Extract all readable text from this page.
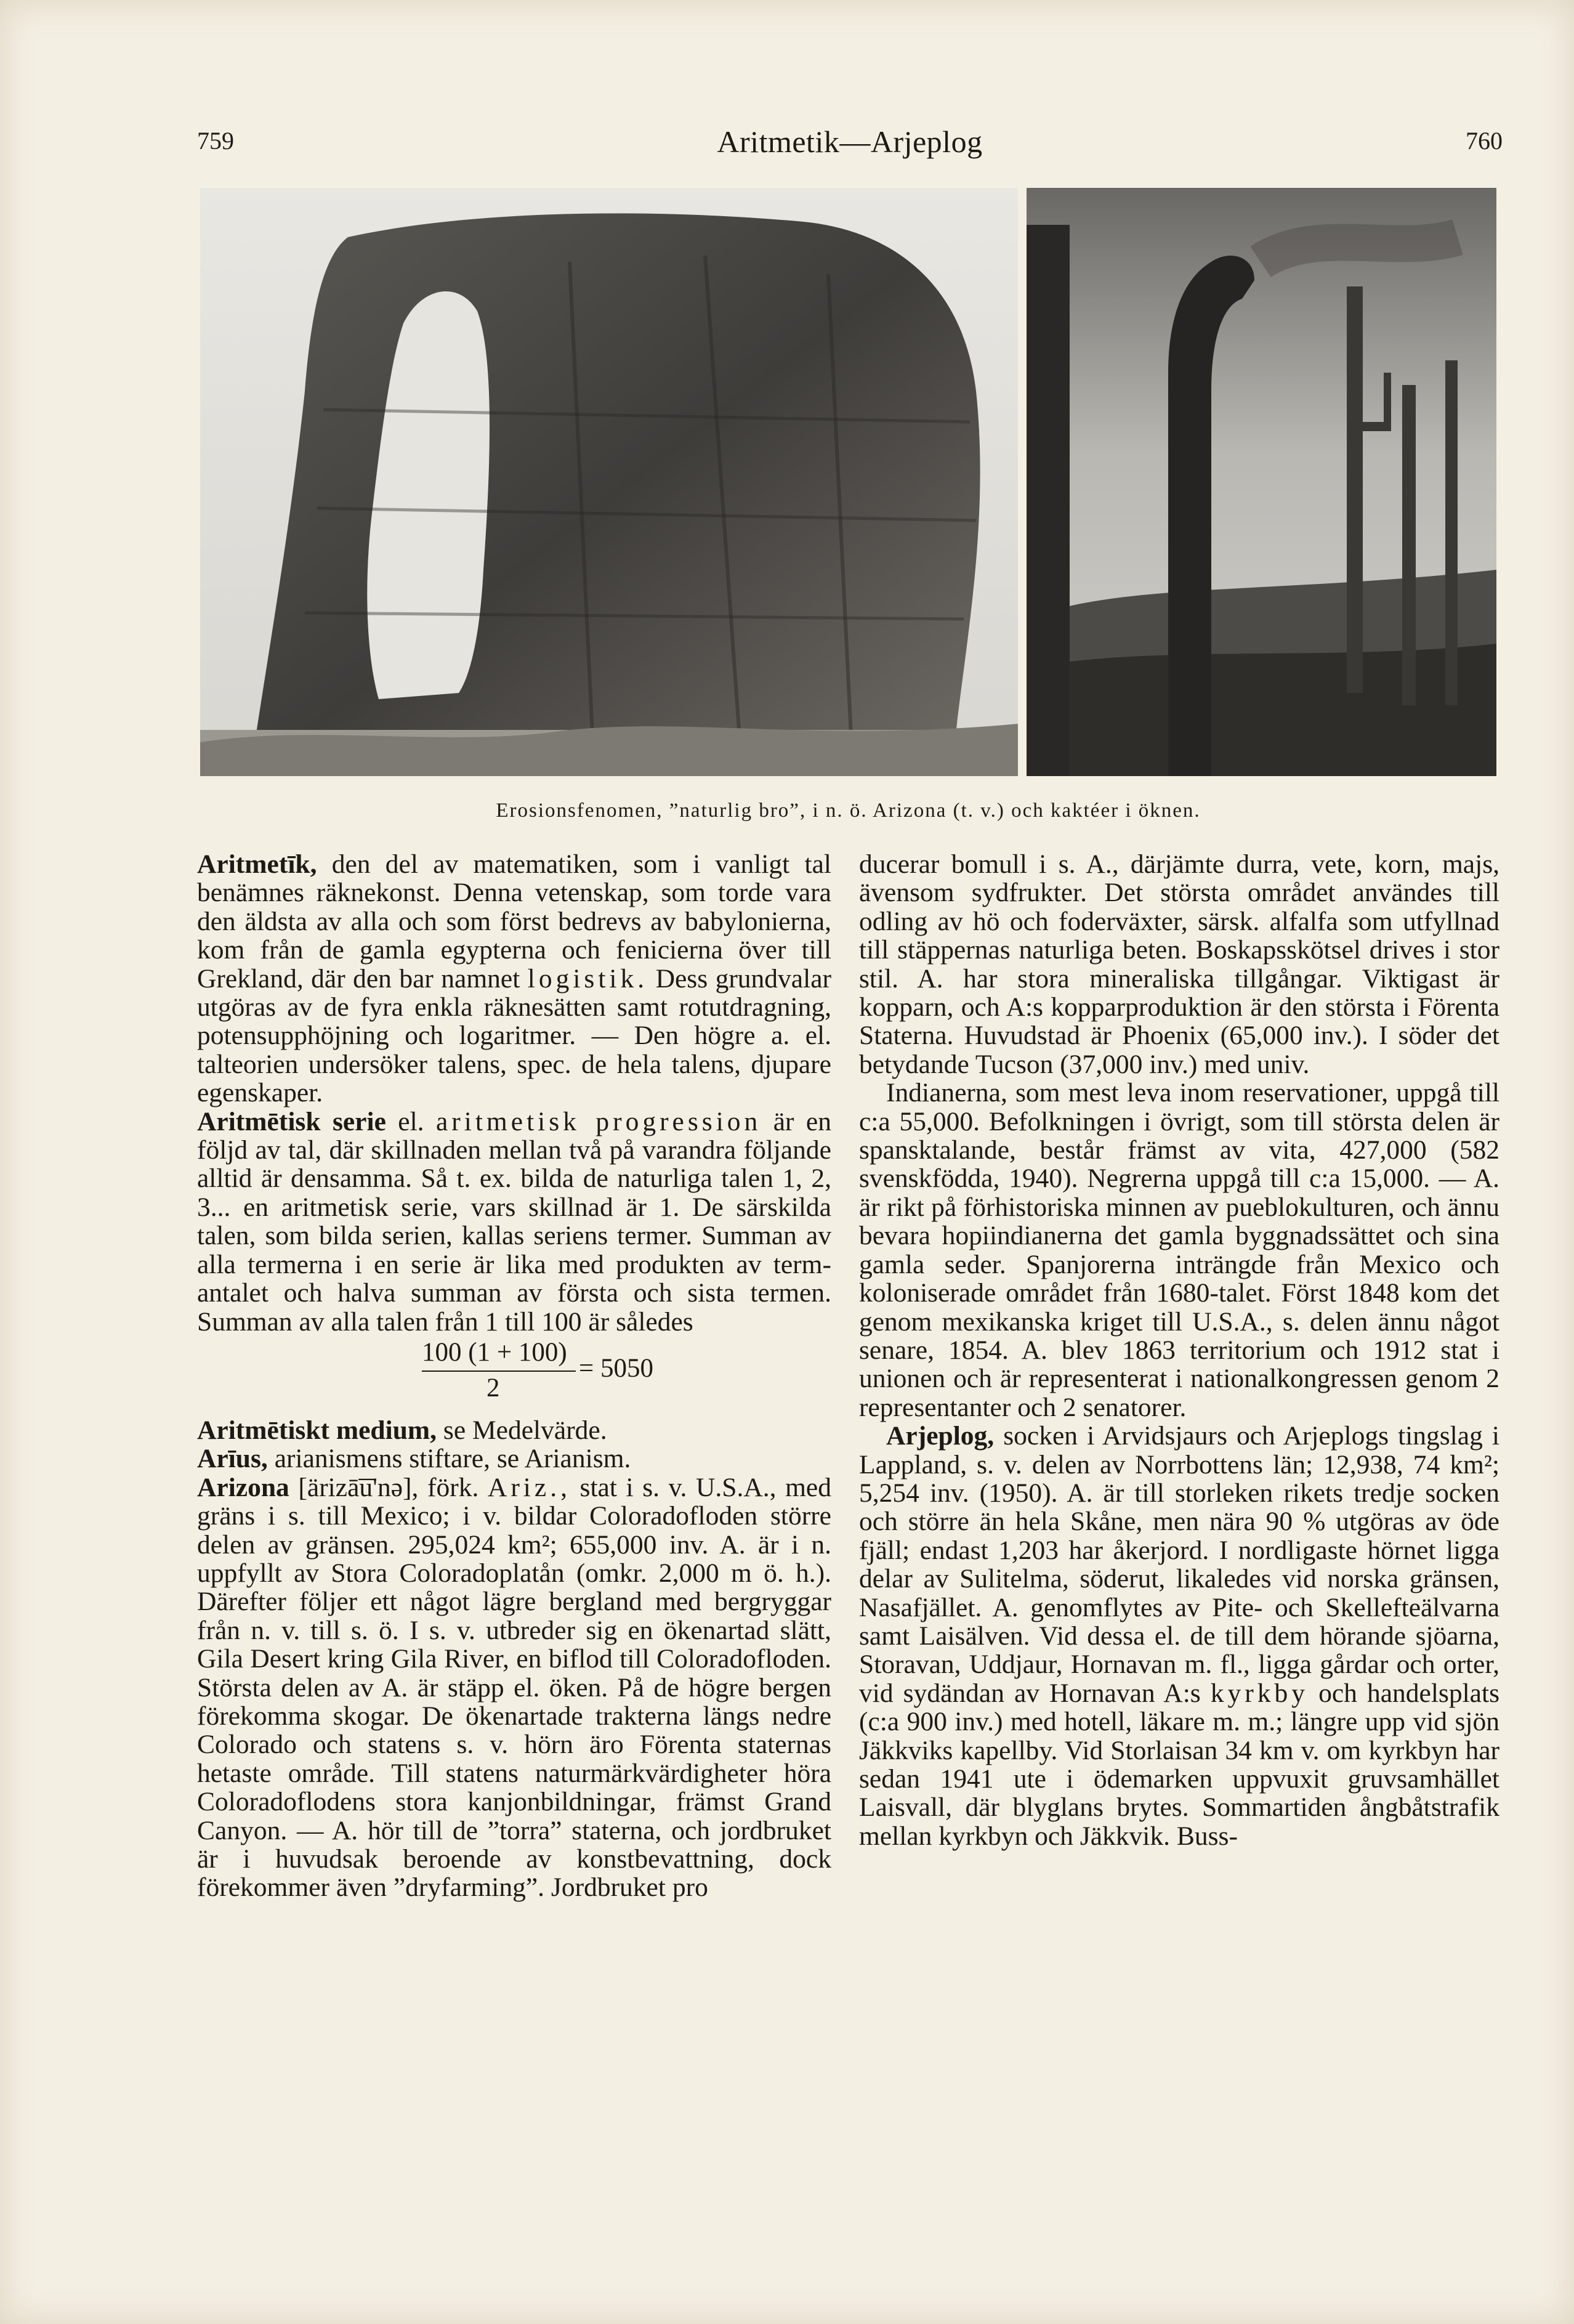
759	Aritmetik—Arjeplog	760
Erosionsfenomen, ”naturlig bro”, i n. ö. Arizona (t. v.) och kaktéer i öknen.

Aritmetīk, den del av matematiken, som i vanligt tal benämnes räknekonst. Denna vetenskap, som torde vara den äldsta av alla och som först bedrevs av babylonierna, kom från de gamla egypterna och fenicierna över till Grekland, där den bar namnet logistik. Dess grundvalar utgöras av de fyra enkla räknesätten samt rotutdragning, potensupphöjning och logaritmer. — Den högre a. el. talteorien undersöker talens, spec. de hela talens, djupare egenskaper.

Aritmētisk serie el. aritmetisk progression är en följd av tal, där skillnaden mellan två på varandra följande alltid är densamma. Så t. ex. bilda de naturliga talen 1, 2, 3... en aritmetisk serie, vars skillnad är 1. De särskilda talen, som bilda serien, kallas seriens termer. Summan av alla termerna i en serie är lika med produkten av term-antalet och halva summan av första och sista termen. Summan av alla talen från 1 till 100 är således

100 (1 + 100)
2
= 5050

Aritmētiskt medium, se Medelvärde.

Arīus, arianismens stiftare, se Arianism.

Arizona [ärizā͞u'nə], förk. Ariz., stat i s. v. U.S.A., med gräns i s. till Mexico; i v. bildar Coloradofloden större delen av gränsen. 295,024 km²; 655,000 inv. A. är i n. uppfyllt av Stora Coloradoplatån (omkr. 2,000 m ö. h.). Därefter följer ett något lägre bergland med bergryggar från n. v. till s. ö. I s. v. utbreder sig en ökenartad slätt, Gila Desert kring Gila River, en biflod till Coloradofloden. Största delen av A. är stäpp el. öken. På de högre bergen förekomma skogar. De ökenartade trakterna längs nedre Colorado och statens s. v. hörn äro Förenta staternas hetaste område. Till statens naturmärkvärdigheter höra Coloradoflodens stora kanjonbildningar, främst Grand Canyon. — A. hör till de ”torra” staterna, och jordbruket är i huvudsak beroende av konstbevattning, dock förekommer även ”dryfarming”. Jordbruket pro

ducerar bomull i s. A., därjämte durra, vete, korn, majs, ävensom sydfrukter. Det största området användes till odling av hö och foderväxter, särsk. alfalfa som utfyllnad till stäppernas naturliga beten. Boskapsskötsel drives i stor stil. A. har stora mineraliska tillgångar. Viktigast är kopparn, och A:s kopparproduktion är den största i Förenta Staterna. Huvudstad är Phoenix (65,000 inv.). I söder det betydande Tucson (37,000 inv.) med univ.

Indianerna, som mest leva inom reservationer, uppgå till c:a 55,000. Befolkningen i övrigt, som till största delen är spansktalande, består främst av vita, 427,000 (582 svenskfödda, 1940). Negrerna uppgå till c:a 15,000. — A. är rikt på förhistoriska minnen av pueblokulturen, och ännu bevara hopiindianerna det gamla byggnadssättet och sina gamla seder. Spanjorerna inträngde från Mexico och koloniserade området från 1680-talet. Först 1848 kom det genom mexikanska kriget till U.S.A., s. delen ännu något senare, 1854. A. blev 1863 territorium och 1912 stat i unionen och är representerat i nationalkongressen genom 2 representanter och 2 senatorer.

Arjeplog, socken i Arvidsjaurs och Arjeplogs tingslag i Lappland, s. v. delen av Norrbottens län; 12,938, 74 km²; 5,254 inv. (1950). A. är till storleken rikets tredje socken och större än hela Skåne, men nära 90 % utgöras av öde fjäll; endast 1,203 har åkerjord. I nordligaste hörnet ligga delar av Sulitelma, söderut, likaledes vid norska gränsen, Nasafjället. A. genomflytes av Pite- och Skellefteälvarna samt Laisälven. Vid dessa el. de till dem hörande sjöarna, Storavan, Uddjaur, Hornavan m. fl., ligga gårdar och orter, vid sydändan av Hornavan A:s kyrkby och handelsplats (c:a 900 inv.) med hotell, läkare m. m.; längre upp vid sjön Jäkkviks kapellby. Vid Storlaisan 34 km v. om kyrkbyn har sedan 1941 ute i ödemarken uppvuxit gruvsamhället Laisvall, där blyglans brytes. Sommartiden ångbåtstrafik mellan kyrkbyn och Jäkkvik. Buss-
